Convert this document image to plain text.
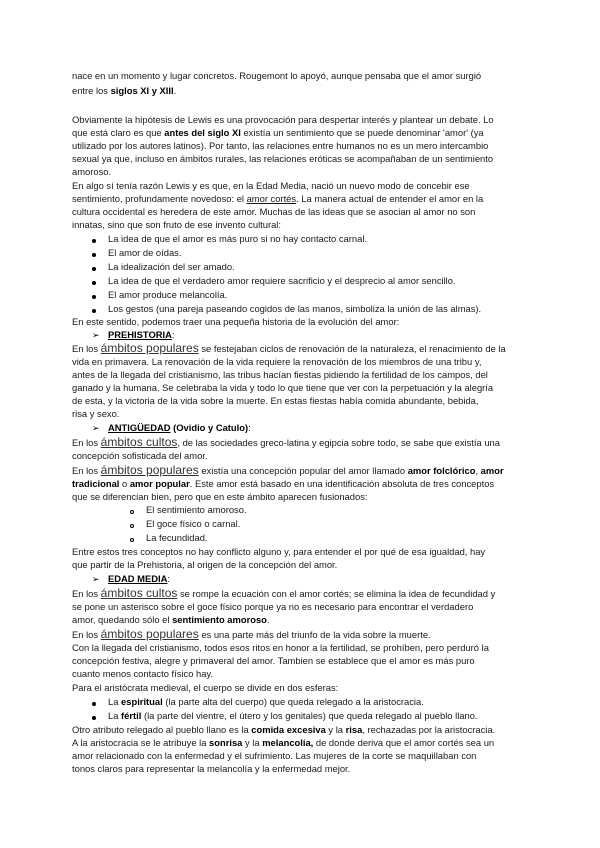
nace en un momento y lugar concretos. Rougemont lo apoyó, aunque pensaba que el amor surgió
entre los siglos XI y XIII.
Obviamente la hipótesis de Lewis es una provocación para despertar interés y plantear un debate. Lo
que está claro es que antes del siglo XI existía un sentimiento que se puede denominar 'amor' (ya
utilizado por los autores latinos). Por tanto, las relaciones entre humanos no es un mero intercambio
sexual ya que, incluso en ámbitos rurales, las relaciones eróticas se acompañaban de un sentimiento
amoroso.
En algo sí tenía razón Lewis y es que, en la Edad Media, nació un nuevo modo de concebir ese
sentimiento, profundamente novedoso: el amor cortés. La manera actual de entender el amor en la
cultura occidental es heredera de este amor. Muchas de las ideas que se asocian al amor no son
innatas, sino que son fruto de ese invento cultural:
La idea de que el amor es más puro si no hay contacto carnal.
El amor de oídas.
La idealización del ser amado.
La idea de que el verdadero amor requiere sacrificio y el desprecio al amor sencillo.
El amor produce melancolía.
Los gestos (una pareja paseando cogidos de las manos, simboliza la unión de las almas).
En este sentido, podemos traer una pequeña historia de la evolución del amor:
➢ PREHISTORIA:
En los ámbitos populares se festejaban ciclos de renovación de la naturaleza, el renacimiento de la
vida en primavera. La renovación de la vida requiere la renovación de los miembros de una tribu y,
antes de la llegada del cristianismo, las tribus hacían fiestas pidiendo la fertilidad de los campos, del
ganado y la humana. Se celebraba la vida y todo lo que tiene que ver con la perpetuación y la alegría
de esta, y la victoria de la vida sobre la muerte. En estas fiestas había comida abundante, bebida,
risa y sexo.
➢ ANTIGÜEDAD (Ovidio y Catulo):
En los ámbitos cultos, de las sociedades greco-latina y egipcia sobre todo, se sabe que existía una
concepción sofisticada del amor.
En los ámbitos populares existía una concepción popular del amor llamado amor folclórico, amor
tradicional o amor popular. Este amor está basado en una identificación absoluta de tres conceptos
que se diferencian bien, pero que en este ámbito aparecen fusionados:
El sentimiento amoroso.
El goce físico o carnal.
La fecundidad.
Entre estos tres conceptos no hay conflicto alguno y, para entender el por qué de esa igualdad, hay
que partir de la Prehistoria, al origen de la concepción del amor.
➢ EDAD MEDIA:
En los ámbitos cultos se rompe la ecuación con el amor cortés; se elimina la idea de fecundidad y
se pone un asterisco sobre el goce físico porque ya no es necesario para encontrar el verdadero
amor, quedando sólo el sentimiento amoroso.
En los ámbitos populares es una parte más del triunfo de la vida sobre la muerte.
Con la llegada del cristianismo, todos esos ritos en honor a la fertilidad, se prohíben, pero perduró la
concepción festiva, alegre y primaveral del amor. Tambien se establece que el amor es más puro
cuanto menos contacto físico hay.
Para el aristócrata medieval, el cuerpo se divide en dos esferas:
La espiritual (la parte alta del cuerpo) que queda relegado a la aristocracia.
La fértil (la parte del vientre, el útero y los genitales) que queda relegado al pueblo llano.
Otro atributo relegado al pueblo llano es la comida excesiva y la risa, rechazadas por la aristocracia.
A la aristocracia se le atribuye la sonrisa y la melancolía, de donde deriva que el amor cortés sea un
amor relacionado con la enfermedad y el sufrimiento. Las mujeres de la corte se maquillaban con
tonos claros para representar la melancolía y la enfermedad mejor.
